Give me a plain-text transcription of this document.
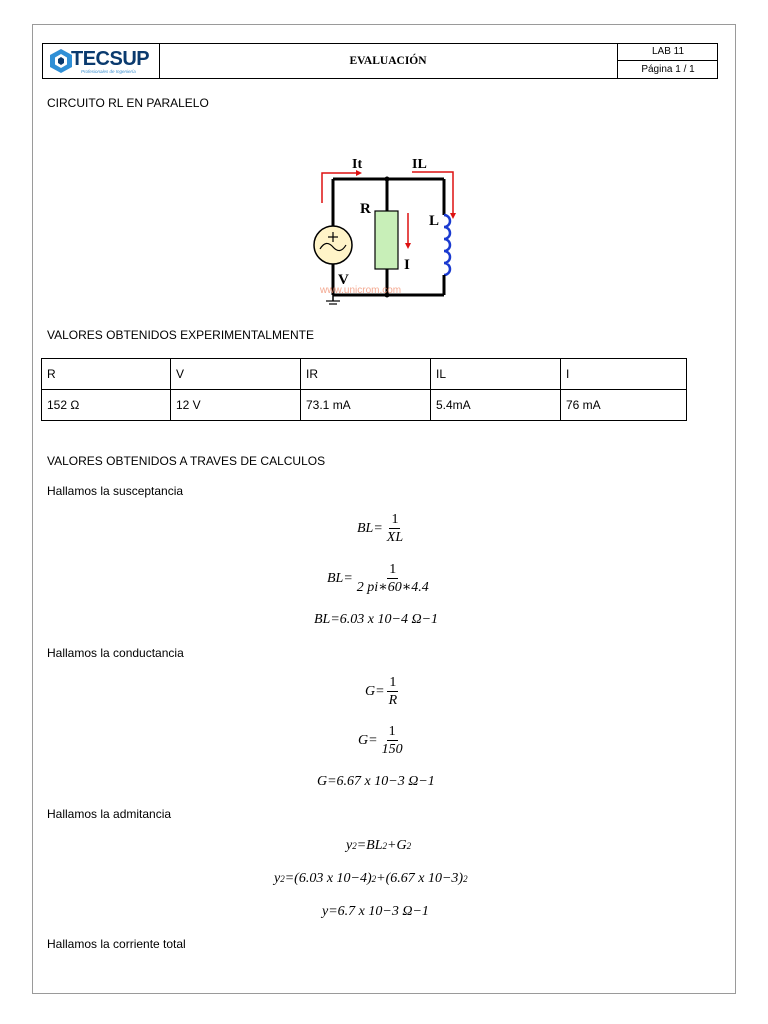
TECSUP
Profesionales de Ingeniería
EVALUACIÓN
LAB 11
Página 1 / 1
CIRCUITO RL EN PARALELO
It	IL
R
L
I
V
www.unicrom.com
VALORES OBTENIDOS EXPERIMENTALMENTE
R	V	IR	IL	I
152 Ω	12 V	73.1 mA	5.4mA	76 mA
VALORES OBTENIDOS A TRAVES DE CALCULOS
Hallamos la susceptancia
$BL= \frac{1}{XL}$
$BL= \frac{1}{2 pi∗60∗4.4}$
BL=6.03 x 10−4 Ω−1
Hallamos la conductancia
$G= \frac{1}{R}$
$G= \frac{1}{150}$
G=6.67 x 10−3 Ω−1
Hallamos la admitancia
y 2 =BL 2 +G 2
y 2 =(6.03 x 10−4) 2 +(6.67 x 10−3) 2
y=6.7 x 10−3 Ω−1
Hallamos la corriente total
